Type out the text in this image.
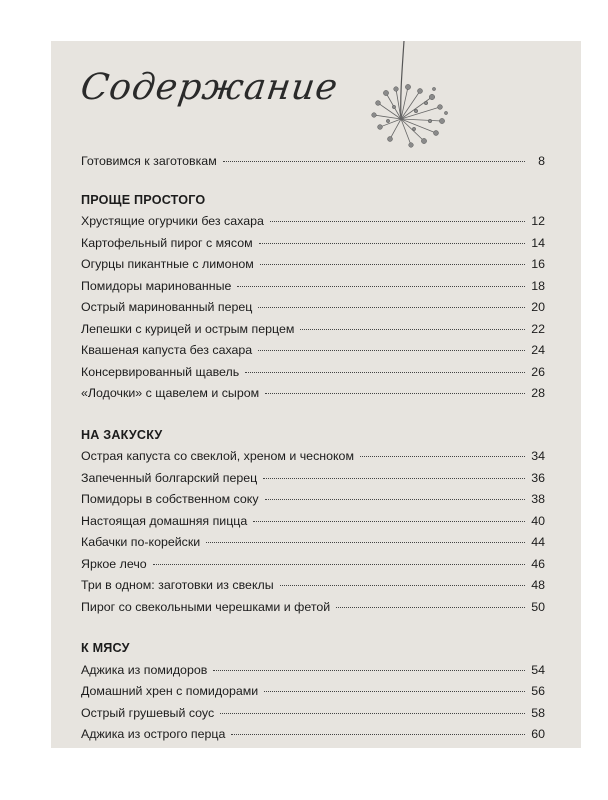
Содержание
Готовимся к заготовкам	8
ПРОЩЕ ПРОСТОГО
Хрустящие огурчики без сахара	12
Картофельный пирог с мясом	14
Огурцы пикантные с лимоном	16
Помидоры маринованные	18
Острый маринованный перец	20
Лепешки с курицей и острым перцем	22
Квашеная капуста без сахара	24
Консервированный щавель	26
«Лодочки» с щавелем и сыром	28
НА ЗАКУСКУ
Острая капуста со свеклой, хреном и чесноком	34
Запеченный болгарский перец	36
Помидоры в собственном соку	38
Настоящая домашняя пицца	40
Кабачки по-корейски	44
Яркое лечо	46
Три в одном: заготовки из свеклы	48
Пирог со свекольными черешками и фетой	50
К МЯСУ
Аджика из помидоров	54
Домашний хрен с помидорами	56
Острый грушевый соус	58
Аджика из острого перца	60
